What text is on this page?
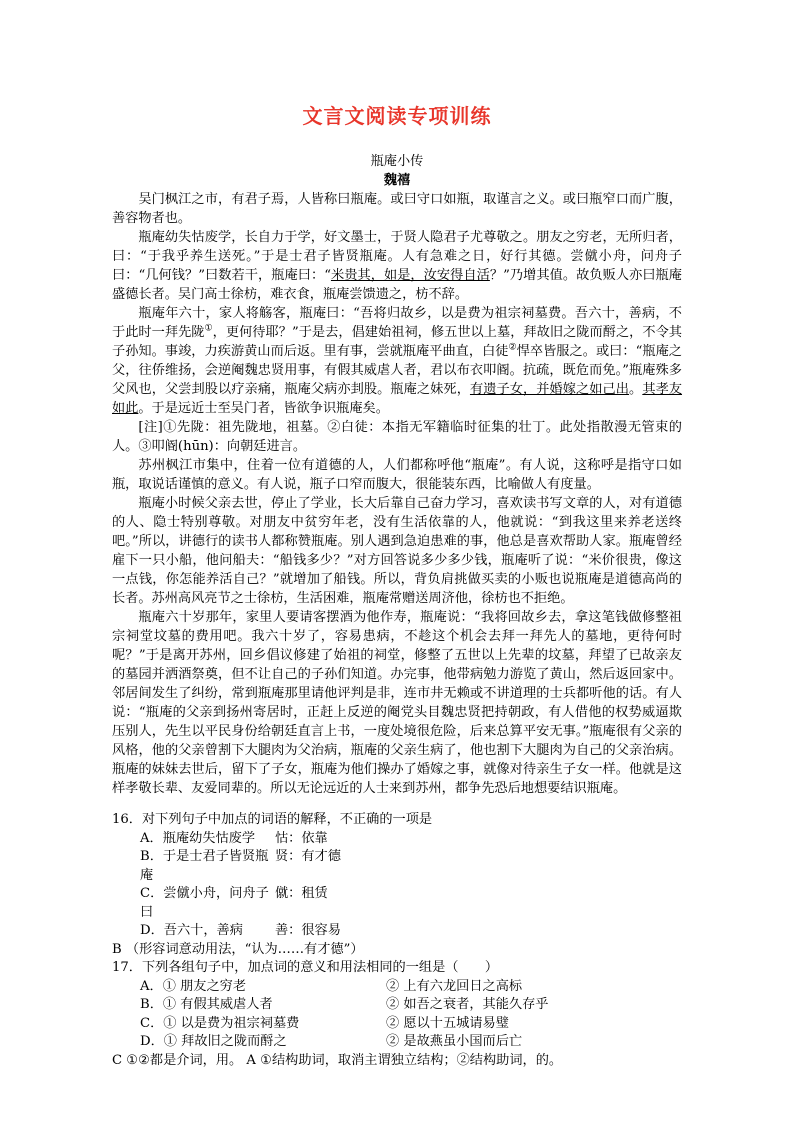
文言文阅读专项训练

瓶庵小传

魏禧

吴门枫江之市，有君子焉，人皆称曰瓶庵。或曰守口如瓶，取谨言之义。或曰瓶窄口而广腹，善容物者也。

瓶庵幼失怙废学，长自力于学，好文墨士，于贤人隐君子尤尊敬之。朋友之穷老，无所归者，曰：“于我乎养生送死。”于是士君子皆贤瓶庵。人有急难之日，好行其德。尝僦小舟，问舟子曰：“几何钱？”曰数若干，瓶庵曰：“米贵其，如是，汝安得自活？”乃增其值。故负贩人亦曰瓶庵盛德长者。吴门高士徐枋，难衣食，瓶庵尝馈遗之，枋不辞。

瓶庵年六十，家人将觞客，瓶庵曰：“吾将归故乡，以是费为祖宗祠墓费。吾六十，善病，不于此时一拜先陇①，更何待耶？”于是去，倡建始祖祠，修五世以上墓，拜故旧之陇而酹之，不令其子孙知。事竣，力疾游黄山而后返。里有事，尝就瓶庵平曲直，白徒②悍卒皆服之。或曰：“瓶庵之父，往侨维扬，会逆阉魏忠贤用事，有假其威虐人者，君以布衣叩阍。抗疏，既危而免。”瓶庵殊多父风也，父尝刲股以疗亲痛，瓶庵父病亦刲股。瓶庵之妹死，有遗子女，并婚嫁之如己出。其孝友如此。于是远近士至吴门者，皆欲争识瓶庵矣。

[注]①先陇：祖先陇地，祖墓。②白徒：本指无军籍临时征集的壮丁。此处指散漫无管束的人。③叩阍(hūn)：向朝廷进言。

苏州枫江市集中，住着一位有道德的人，人们都称呼他“瓶庵”。有人说，这称呼是指守口如瓶，取说话谨慎的意义。有人说，瓶子口窄而腹大，很能装东西，比喻做人有度量。

瓶庵小时候父亲去世，停止了学业，长大后靠自己奋力学习，喜欢读书写文章的人，对有道德的人、隐士特别尊敬。对朋友中贫穷年老，没有生活依靠的人，他就说：“到我这里来养老送终吧。”所以，讲德行的读书人都称赞瓶庵。别人遇到急迫患难的事，他总是喜欢帮助人家。瓶庵曾经雇下一只小船，他问船夫：“船钱多少？”对方回答说多少多少钱，瓶庵听了说：“米价很贵，像这一点钱，你怎能养活自己？”就增加了船钱。所以，背负肩挑做买卖的小贩也说瓶庵是道德高尚的长者。苏州高风亮节之士徐枋，生活困难，瓶庵常赠送周济他，徐枋也不拒绝。

瓶庵六十岁那年，家里人要请客摆酒为他作寿，瓶庵说：“我将回故乡去，拿这笔钱做修整祖宗祠堂坟墓的费用吧。我六十岁了，容易患病，不趁这个机会去拜一拜先人的墓地，更待何时呢？”于是离开苏州，回乡倡议修建了始祖的祠堂，修整了五世以上先辈的坟墓，拜望了已故亲友的墓园并洒酒祭奠，但不让自己的子孙们知道。办完事，他带病勉力游览了黄山，然后返回家中。邻居间发生了纠纷，常到瓶庵那里请他评判是非，连市井无赖或不讲道理的士兵都听他的话。有人说：“瓶庵的父亲到扬州寄居时，正赶上反逆的阉党头目魏忠贤把持朝政，有人借他的权势威逼欺压别人，先生以平民身份给朝廷直言上书，一度处境很危险，后来总算平安无事。”瓶庵很有父亲的风格，他的父亲曾割下大腿肉为父治病，瓶庵的父亲生病了，他也割下大腿肉为自己的父亲治病。瓶庵的妹妹去世后，留下了子女，瓶庵为他们操办了婚嫁之事，就像对待亲生子女一样。他就是这样孝敬长辈、友爱同辈的。所以无论远近的人士来到苏州，都争先恐后地想要结识瓶庵。

16．对下列句子中加点的词语的解释，不正确的一项是

A．瓶庵幼失怙废学	怙：依靠
B．于是士君子皆贤瓶庵
贤：有才德
C．尝僦小舟，问舟子曰
僦：租赁
D．吾六十，善病	善：很容易

B （形容词意动用法，“认为……有才德”）

17．下列各组句子中，加点词的意义和用法相同的一组是（　　）

A．① 朋友之穷老	② 上有六龙回日之高标
B．① 有假其威虐人者	② 如吾之衰者，其能久存乎
C．① 以是费为祖宗祠墓费	② 愿以十五城请易璧
D．① 拜故旧之陇而酹之	② 是故燕虽小国而后亡

C ①②都是介词，用。 A ①结构助词，取消主谓独立结构；②结构助词，的。
